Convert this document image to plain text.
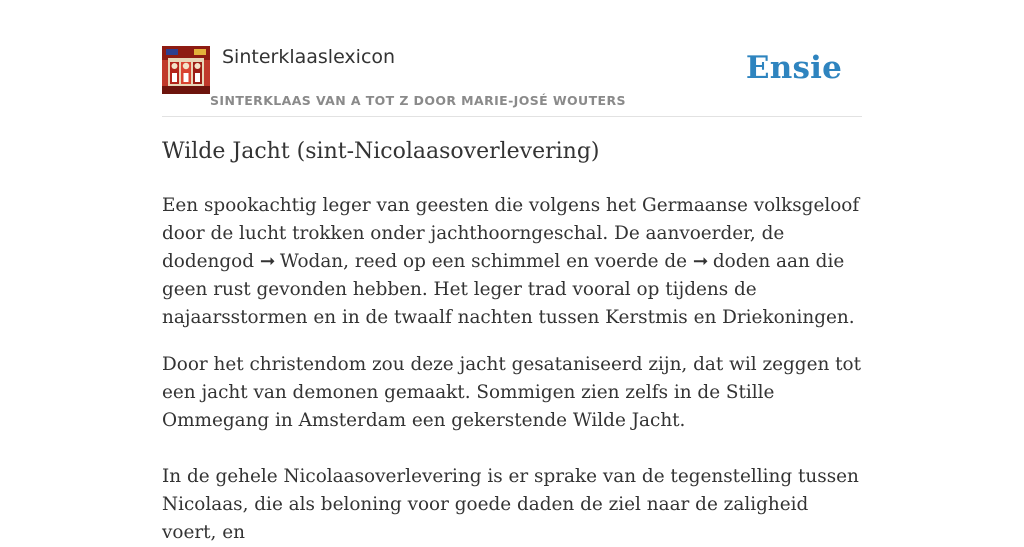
Sinterklaaslexicon
SINTERKLAAS VAN A TOT Z DOOR MARIE-JOSÉ WOUTERS
Ensie
Wilde Jacht (sint-Nicolaasoverlevering)

Een spookachtig leger van geesten die volgens het Germaanse volksgeloof door de lucht trokken onder jachthoorngeschal. De aanvoerder, de dodengod ➞ Wodan, reed op een schimmel en voerde de ➞ doden aan die geen rust gevonden hebben. Het leger trad vooral op tijdens de najaarsstormen en in de twaalf nachten tussen Kerstmis en Driekoningen.

Door het christendom zou deze jacht gesataniseerd zijn, dat wil zeggen tot een jacht van demonen gemaakt. Sommigen zien zelfs in de Stille Ommegang in Amsterdam een gekerstende Wilde Jacht.

In de gehele Nicolaasoverlevering is er sprake van de tegenstelling tussen Nicolaas, die als beloning voor goede daden de ziel naar de zaligheid voert, en
